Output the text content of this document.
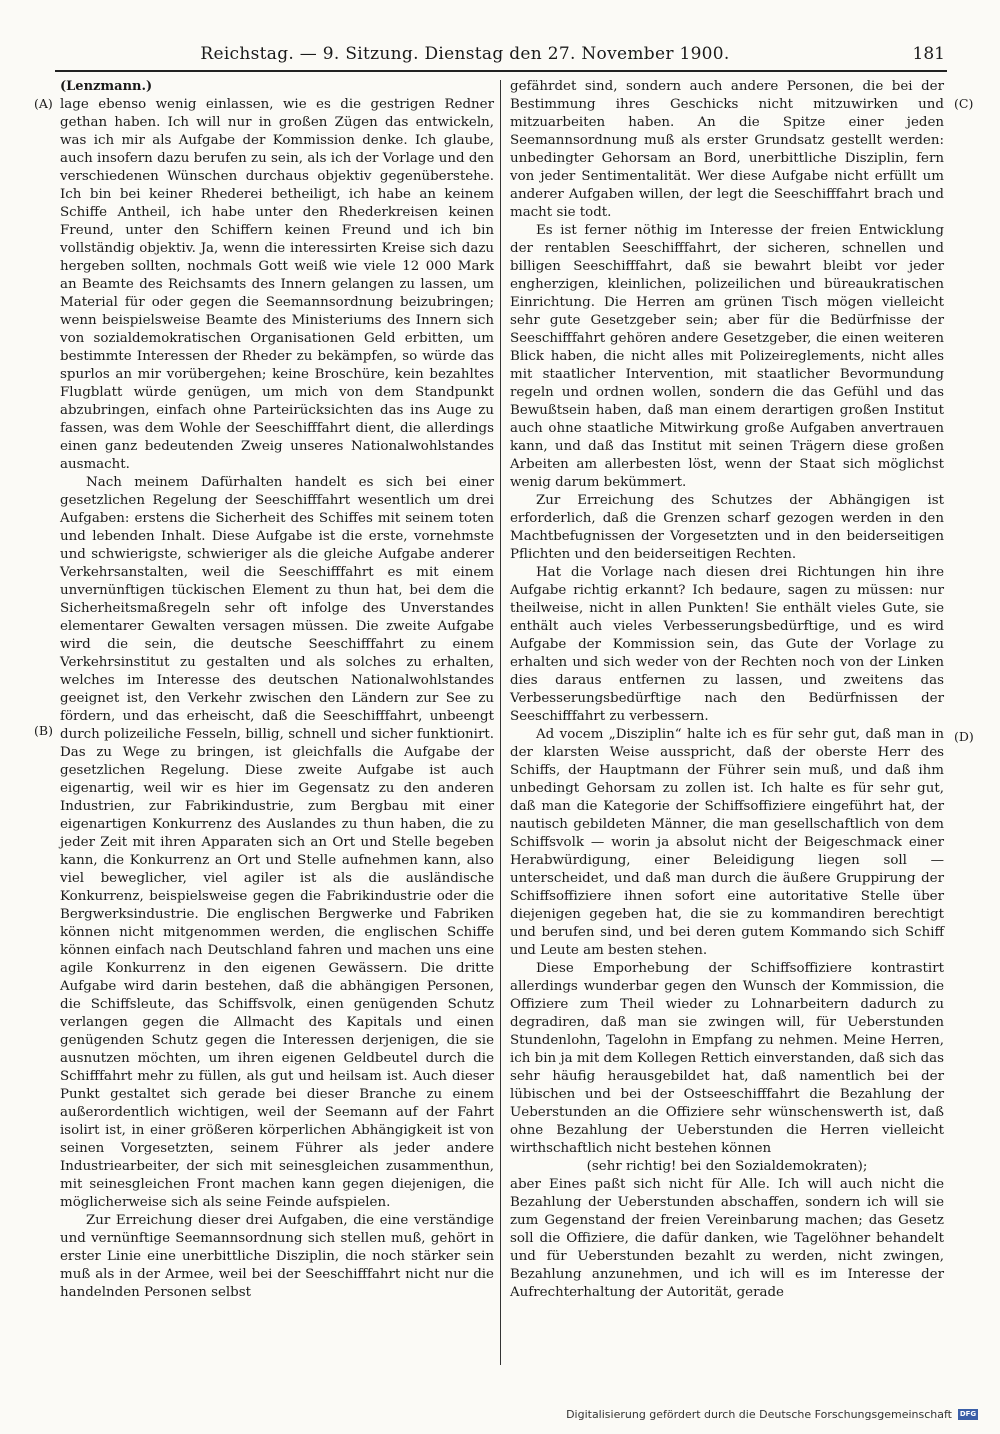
Reichstag. — 9. Sitzung. Dienstag den 27. November 1900.	181
(A)
(B)
(C)
(D)

(Lenzmann.)

lage ebenso wenig einlassen, wie es die gestrigen Redner gethan haben. Ich will nur in großen Zügen das entwickeln, was ich mir als Aufgabe der Kommission denke. Ich glaube, auch insofern dazu berufen zu sein, als ich der Vorlage und den verschiedenen Wünschen durchaus objektiv gegenüberstehe. Ich bin bei keiner Rhederei betheiligt, ich habe an keinem Schiffe Antheil, ich habe unter den Rhederkreisen keinen Freund, unter den Schiffern keinen Freund und ich bin vollständig objektiv. Ja, wenn die interessirten Kreise sich dazu hergeben sollten, nochmals Gott weiß wie viele 12 000 Mark an Beamte des Reichsamts des Innern gelangen zu lassen, um Material für oder gegen die Seemannsordnung beizubringen; wenn beispielsweise Beamte des Ministeriums des Innern sich von sozialdemokratischen Organisationen Geld erbitten, um bestimmte Interessen der Rheder zu bekämpfen, so würde das spurlos an mir vorübergehen; keine Broschüre, kein bezahltes Flugblatt würde genügen, um mich von dem Standpunkt abzubringen, einfach ohne Parteirücksichten das ins Auge zu fassen, was dem Wohle der Seeschifffahrt dient, die allerdings einen ganz bedeutenden Zweig unseres Nationalwohlstandes ausmacht.

Nach meinem Dafürhalten handelt es sich bei einer gesetzlichen Regelung der Seeschifffahrt wesentlich um drei Aufgaben: erstens die Sicherheit des Schiffes mit seinem toten und lebenden Inhalt. Diese Aufgabe ist die erste, vornehmste und schwierigste, schwieriger als die gleiche Aufgabe anderer Verkehrsanstalten, weil die Seeschifffahrt es mit einem unvernünftigen tückischen Element zu thun hat, bei dem die Sicherheitsmaßregeln sehr oft infolge des Unverstandes elementarer Gewalten versagen müssen. Die zweite Aufgabe wird die sein, die deutsche Seeschifffahrt zu einem Verkehrsinstitut zu gestalten und als solches zu erhalten, welches im Interesse des deutschen Nationalwohlstandes geeignet ist, den Verkehr zwischen den Ländern zur See zu fördern, und das erheischt, daß die Seeschifffahrt, unbeengt durch polizeiliche Fesseln, billig, schnell und sicher funktionirt. Das zu Wege zu bringen, ist gleichfalls die Aufgabe der gesetzlichen Regelung. Diese zweite Aufgabe ist auch eigenartig, weil wir es hier im Gegensatz zu den anderen Industrien, zur Fabrikindustrie, zum Bergbau mit einer eigenartigen Konkurrenz des Auslandes zu thun haben, die zu jeder Zeit mit ihren Apparaten sich an Ort und Stelle begeben kann, die Konkurrenz an Ort und Stelle aufnehmen kann, also viel beweglicher, viel agiler ist als die ausländische Konkurrenz, beispielsweise gegen die Fabrikindustrie oder die Bergwerksindustrie. Die englischen Bergwerke und Fabriken können nicht mitgenommen werden, die englischen Schiffe können einfach nach Deutschland fahren und machen uns eine agile Konkurrenz in den eigenen Gewässern. Die dritte Aufgabe wird darin bestehen, daß die abhängigen Personen, die Schiffsleute, das Schiffsvolk, einen genügenden Schutz verlangen gegen die Allmacht des Kapitals und einen genügenden Schutz gegen die Interessen derjenigen, die sie ausnutzen möchten, um ihren eigenen Geldbeutel durch die Schifffahrt mehr zu füllen, als gut und heilsam ist. Auch dieser Punkt gestaltet sich gerade bei dieser Branche zu einem außerordentlich wichtigen, weil der Seemann auf der Fahrt isolirt ist, in einer größeren körperlichen Abhängigkeit ist von seinen Vorgesetzten, seinem Führer als jeder andere Industriearbeiter, der sich mit seinesgleichen zusammenthun, mit seinesgleichen Front machen kann gegen diejenigen, die möglicherweise sich als seine Feinde aufspielen.

Zur Erreichung dieser drei Aufgaben, die eine verständige und vernünftige Seemannsordnung sich stellen muß, gehört in erster Linie eine unerbittliche Disziplin, die noch stärker sein muß als in der Armee, weil bei der Seeschifffahrt nicht nur die handelnden Personen selbst

gefährdet sind, sondern auch andere Personen, die bei der Bestimmung ihres Geschicks nicht mitzuwirken und mitzuarbeiten haben. An die Spitze einer jeden Seemannsordnung muß als erster Grundsatz gestellt werden: unbedingter Gehorsam an Bord, unerbittliche Disziplin, fern von jeder Sentimentalität. Wer diese Aufgabe nicht erfüllt um anderer Aufgaben willen, der legt die Seeschifffahrt brach und macht sie todt.

Es ist ferner nöthig im Interesse der freien Entwicklung der rentablen Seeschifffahrt, der sicheren, schnellen und billigen Seeschifffahrt, daß sie bewahrt bleibt vor jeder engherzigen, kleinlichen, polizeilichen und büreaukratischen Einrichtung. Die Herren am grünen Tisch mögen vielleicht sehr gute Gesetzgeber sein; aber für die Bedürfnisse der Seeschifffahrt gehören andere Gesetzgeber, die einen weiteren Blick haben, die nicht alles mit Polizeireglements, nicht alles mit staatlicher Intervention, mit staatlicher Bevormundung regeln und ordnen wollen, sondern die das Gefühl und das Bewußtsein haben, daß man einem derartigen großen Institut auch ohne staatliche Mitwirkung große Aufgaben anvertrauen kann, und daß das Institut mit seinen Trägern diese großen Arbeiten am allerbesten löst, wenn der Staat sich möglichst wenig darum bekümmert.

Zur Erreichung des Schutzes der Abhängigen ist erforderlich, daß die Grenzen scharf gezogen werden in den Machtbefugnissen der Vorgesetzten und in den beiderseitigen Pflichten und den beiderseitigen Rechten.

Hat die Vorlage nach diesen drei Richtungen hin ihre Aufgabe richtig erkannt? Ich bedaure, sagen zu müssen: nur theilweise, nicht in allen Punkten! Sie enthält vieles Gute, sie enthält auch vieles Verbesserungsbedürftige, und es wird Aufgabe der Kommission sein, das Gute der Vorlage zu erhalten und sich weder von der Rechten noch von der Linken dies daraus entfernen zu lassen, und zweitens das Verbesserungsbedürftige nach den Bedürfnissen der Seeschifffahrt zu verbessern.

Ad vocem „Disziplin“ halte ich es für sehr gut, daß man in der klarsten Weise ausspricht, daß der oberste Herr des Schiffs, der Hauptmann der Führer sein muß, und daß ihm unbedingt Gehorsam zu zollen ist. Ich halte es für sehr gut, daß man die Kategorie der Schiffsoffiziere eingeführt hat, der nautisch gebildeten Männer, die man gesellschaftlich von dem Schiffsvolk — worin ja absolut nicht der Beigeschmack einer Herabwürdigung, einer Beleidigung liegen soll — unterscheidet, und daß man durch die äußere Gruppirung der Schiffsoffiziere ihnen sofort eine autoritative Stelle über diejenigen gegeben hat, die sie zu kommandiren berechtigt und berufen sind, und bei deren gutem Kommando sich Schiff und Leute am besten stehen.

Diese Emporhebung der Schiffsoffiziere kontrastirt allerdings wunderbar gegen den Wunsch der Kommission, die Offiziere zum Theil wieder zu Lohnarbeitern dadurch zu degradiren, daß man sie zwingen will, für Ueberstunden Stundenlohn, Tagelohn in Empfang zu nehmen. Meine Herren, ich bin ja mit dem Kollegen Rettich einverstanden, daß sich das sehr häufig herausgebildet hat, daß namentlich bei der lübischen und bei der Ostseeschifffahrt die Bezahlung der Ueberstunden an die Offiziere sehr wünschenswerth ist, daß ohne Bezahlung der Ueberstunden die Herren vielleicht wirthschaftlich nicht bestehen können

(sehr richtig! bei den Sozialdemokraten);

aber Eines paßt sich nicht für Alle. Ich will auch nicht die Bezahlung der Ueberstunden abschaffen, sondern ich will sie zum Gegenstand der freien Vereinbarung machen; das Gesetz soll die Offiziere, die dafür danken, wie Tagelöhner behandelt und für Ueberstunden bezahlt zu werden, nicht zwingen, Bezahlung anzunehmen, und ich will es im Interesse der Aufrechterhaltung der Autorität, gerade

Digitalisierung gefördert durch die Deutsche Forschungsgemeinschaft DFG
